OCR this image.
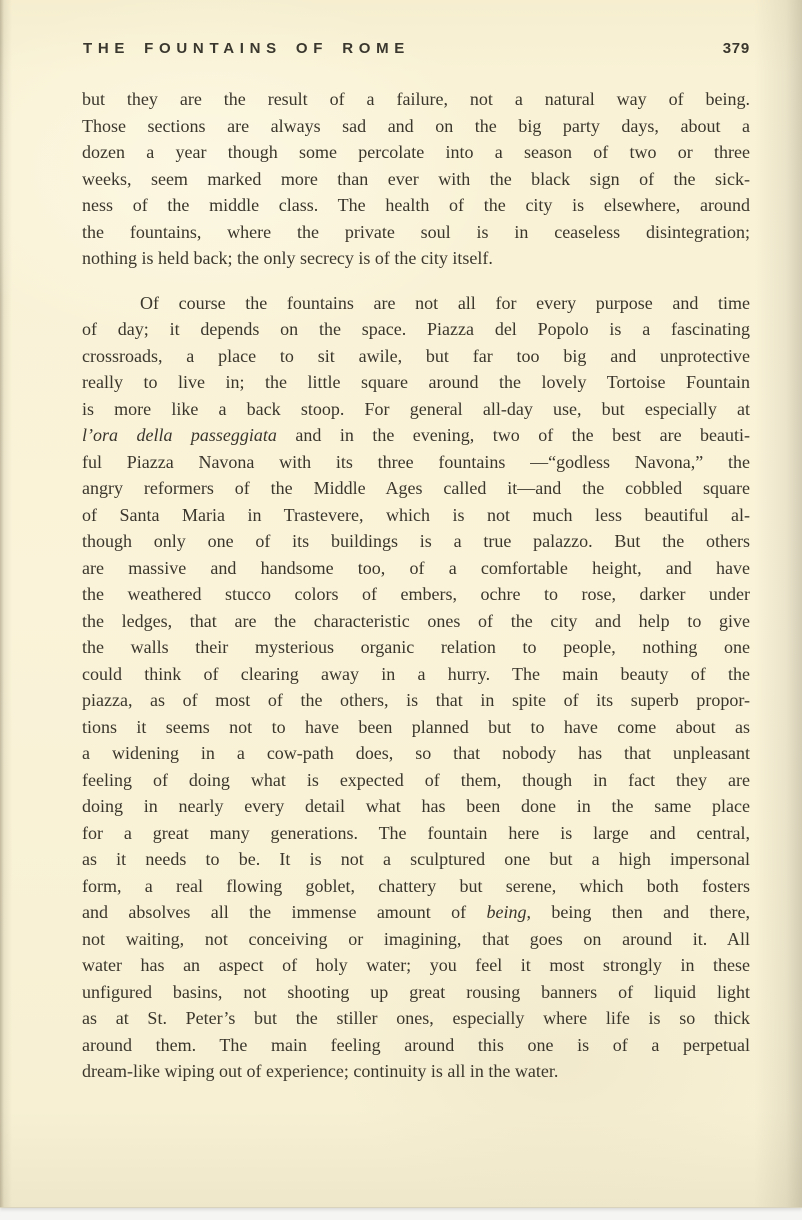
THE FOUNTAINS OF ROME	379
but they are the result of a failure, not a natural way of being.
Those sections are always sad and on the big party days, about a
dozen a year though some percolate into a season of two or three
weeks, seem marked more than ever with the black sign of the sick-
ness of the middle class. The health of the city is elsewhere, around
the fountains, where the private soul is in ceaseless disintegration;
nothing is held back; the only secrecy is of the city itself.
Of course the fountains are not all for every purpose and time
of day; it depends on the space. Piazza del Popolo is a fascinating
crossroads, a place to sit awile, but far too big and unprotective
really to live in; the little square around the lovely Tortoise Fountain
is more like a back stoop. For general all-day use, but especially at
l’ora della passeggiata and in the evening, two of the best are beauti-
ful Piazza Navona with its three fountains —“godless Navona,” the
angry reformers of the Middle Ages called it—and the cobbled square
of Santa Maria in Trastevere, which is not much less beautiful al-
though only one of its buildings is a true palazzo. But the others
are massive and handsome too, of a comfortable height, and have
the weathered stucco colors of embers, ochre to rose, darker under
the ledges, that are the characteristic ones of the city and help to give
the walls their mysterious organic relation to people, nothing one
could think of clearing away in a hurry. The main beauty of the
piazza, as of most of the others, is that in spite of its superb propor-
tions it seems not to have been planned but to have come about as
a widening in a cow-path does, so that nobody has that unpleasant
feeling of doing what is expected of them, though in fact they are
doing in nearly every detail what has been done in the same place
for a great many generations. The fountain here is large and central,
as it needs to be. It is not a sculptured one but a high impersonal
form, a real flowing goblet, chattery but serene, which both fosters
and absolves all the immense amount of being, being then and there,
not waiting, not conceiving or imagining, that goes on around it. All
water has an aspect of holy water; you feel it most strongly in these
unfigured basins, not shooting up great rousing banners of liquid light
as at St. Peter’s but the stiller ones, especially where life is so thick
around them. The main feeling around this one is of a perpetual
dream-like wiping out of experience; continuity is all in the water.
